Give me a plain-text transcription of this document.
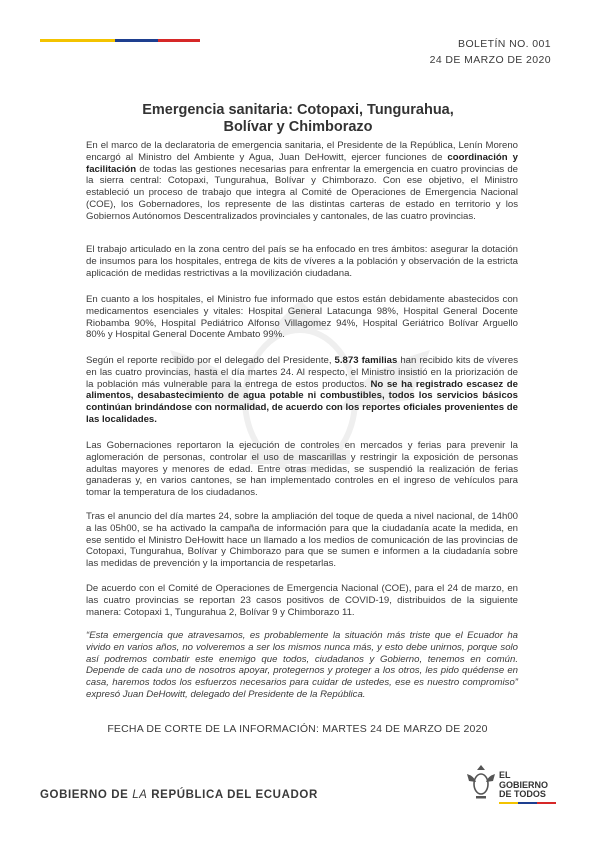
BOLETÍN NO. 001
24 DE MARZO DE 2020
Emergencia sanitaria: Cotopaxi, Tungurahua,
Bolívar y Chimborazo

En el marco de la declaratoria de emergencia sanitaria, el Presidente de la República, Lenín Moreno encargó al Ministro del Ambiente y Agua, Juan DeHowitt, ejercer funciones de coordinación y facilitación de todas las gestiones necesarias para enfrentar la emergencia en cuatro provincias de la sierra central: Cotopaxi, Tungurahua, Bolívar y Chimborazo. Con ese objetivo, el Ministro estableció un proceso de trabajo que integra al Comité de Operaciones de Emergencia Nacional (COE), los Gobernadores, los represente de las distintas carteras de estado en territorio y los Gobiernos Autónomos Descentralizados provinciales y cantonales, de las cuatro provincias.

El trabajo articulado en la zona centro del país se ha enfocado en tres ámbitos: asegurar la dotación de insumos para los hospitales, entrega de kits de víveres a la población y observación de la estricta aplicación de medidas restrictivas a la movilización ciudadana.

En cuanto a los hospitales, el Ministro fue informado que estos están debidamente abastecidos con medicamentos esenciales y vitales: Hospital General Latacunga 98%, Hospital General Docente Riobamba 90%, Hospital Pediátrico Alfonso Villagomez 94%, Hospital Geriátrico Bolívar Arguello 80% y Hospital General Docente Ambato 99%.

Según el reporte recibido por el delegado del Presidente, 5.873 familias han recibido kits de víveres en las cuatro provincias, hasta el día martes 24. Al respecto, el Ministro insistió en la priorización de la población más vulnerable para la entrega de estos productos. No se ha registrado escasez de alimentos, desabastecimiento de agua potable ni combustibles, todos los servicios básicos continúan brindándose con normalidad, de acuerdo con los reportes oficiales provenientes de las localidades.

Las Gobernaciones reportaron la ejecución de controles en mercados y ferias para prevenir la aglomeración de personas, controlar el uso de mascarillas y restringir la exposición de personas adultas mayores y menores de edad. Entre otras medidas, se suspendió la realización de ferias ganaderas y, en varios cantones, se han implementado controles en el ingreso de vehículos para tomar la temperatura de los ciudadanos.

Tras el anuncio del día martes 24, sobre la ampliación del toque de queda a nivel nacional, de 14h00 a las 05h00, se ha activado la campaña de información para que la ciudadanía acate la medida, en ese sentido el Ministro DeHowitt hace un llamado a los medios de comunicación de las provincias de Cotopaxi, Tungurahua, Bolívar y Chimborazo para que se sumen e informen a la ciudadanía sobre las medidas de prevención y la importancia de respetarlas.

De acuerdo con el Comité de Operaciones de Emergencia Nacional (COE), para el 24 de marzo, en las cuatro provincias se reportan 23 casos positivos de COVID-19, distribuidos de la siguiente manera: Cotopaxi 1, Tungurahua 2, Bolívar 9 y Chimborazo 11.

“Esta emergencia que atravesamos, es probablemente la situación más triste que el Ecuador ha vivido en varios años, no volveremos a ser los mismos nunca más, y esto debe unirnos, porque solo así podremos combatir este enemigo que todos, ciudadanos y Gobierno, tenemos en común. Depende de cada uno de nosotros apoyar, protegernos y proteger a los otros, les pido quédense en casa, haremos todos los esfuerzos necesarios para cuidar de ustedes, ese es nuestro compromiso” expresó Juan DeHowitt, delegado del Presidente de la República.

FECHA DE CORTE DE LA INFORMACIÓN: MARTES 24 DE MARZO DE 2020
GOBIERNO DE LA REPÚBLICA DEL ECUADOR
EL
GOBIERNO
DE TODOS
